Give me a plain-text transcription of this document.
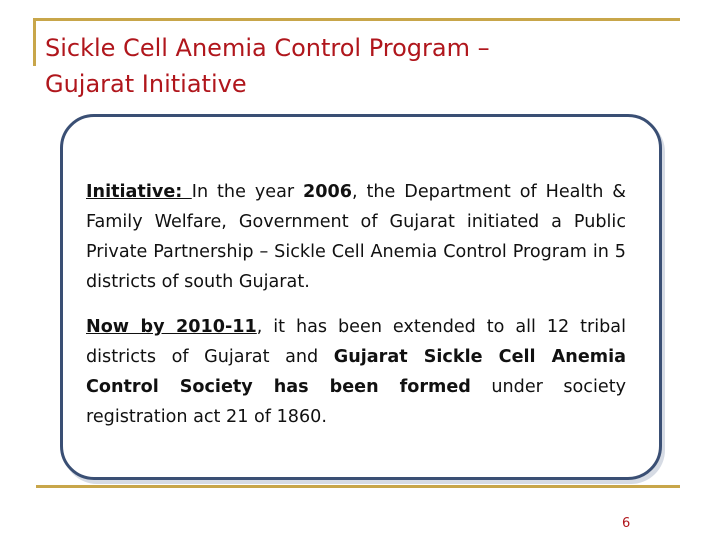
Sickle Cell Anemia Control Program –
Gujarat Initiative
Initiative: In the year 2006, the Department of Health & Family Welfare, Government of Gujarat initiated a Public Private Partnership – Sickle Cell Anemia Control Program in 5 districts of south Gujarat.
Now by 2010-11, it has been extended to all 12 tribal districts of Gujarat and Gujarat Sickle Cell Anemia Control Society has been formed under society registration act 21 of 1860.
6
